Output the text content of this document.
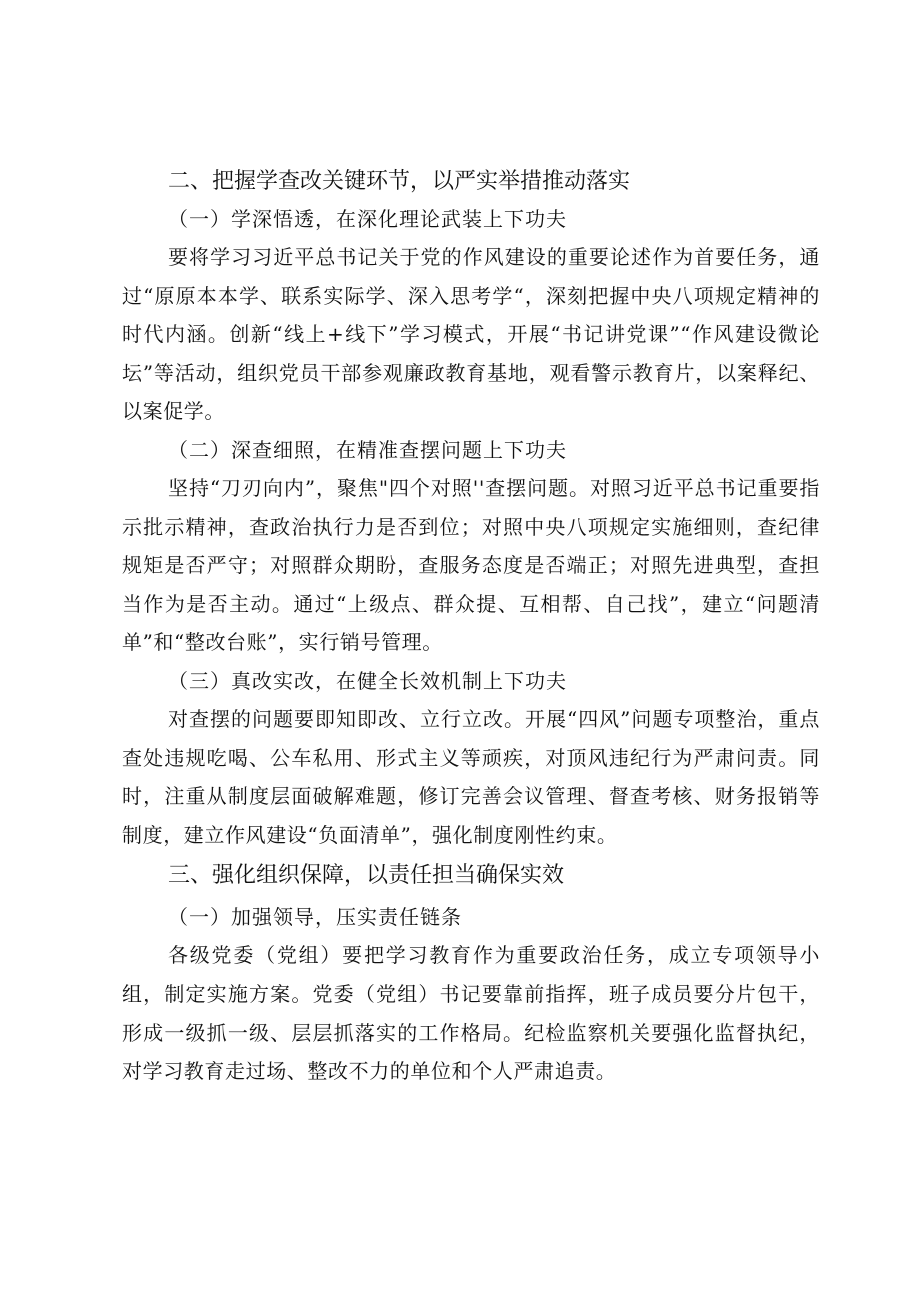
二、把握学查改关键环节，以严实举措推动落实
（一）学深悟透，在深化理论武装上下功夫

要将学习习近平总书记关于党的作风建设的重要论述作为首要任务，通过“原原本本学、联系实际学、深入思考学“，深刻把握中央八项规定精神的时代内涵。创新“线上+线下”学习模式，开展“书记讲党课”“作风建设微论坛”等活动，组织党员干部参观廉政教育基地，观看警示教育片，以案释纪、以案促学。

（二）深查细照，在精准查摆问题上下功夫

坚持“刀刃向内”，聚焦"四个对照''查摆问题。对照习近平总书记重要指示批示精神，查政治执行力是否到位；对照中央八项规定实施细则，查纪律规矩是否严守；对照群众期盼，查服务态度是否端正；对照先进典型，查担当作为是否主动。通过“上级点、群众提、互相帮、自己找”，建立“问题清单”和“整改台账”，实行销号管理。

（三）真改实改，在健全长效机制上下功夫

对查摆的问题要即知即改、立行立改。开展“四风”问题专项整治，重点查处违规吃喝、公车私用、形式主义等顽疾，对顶风违纪行为严肃问责。同时，注重从制度层面破解难题，修订完善会议管理、督查考核、财务报销等制度，建立作风建设“负面清单”，强化制度刚性约束。

三、强化组织保障，以责任担当确保实效
（一）加强领导，压实责任链条

各级党委（党组）要把学习教育作为重要政治任务，成立专项领导小组，制定实施方案。党委（党组）书记要靠前指挥，班子成员要分片包干，形成一级抓一级、层层抓落实的工作格局。纪检监察机关要强化监督执纪，对学习教育走过场、整改不力的单位和个人严肃追责。
